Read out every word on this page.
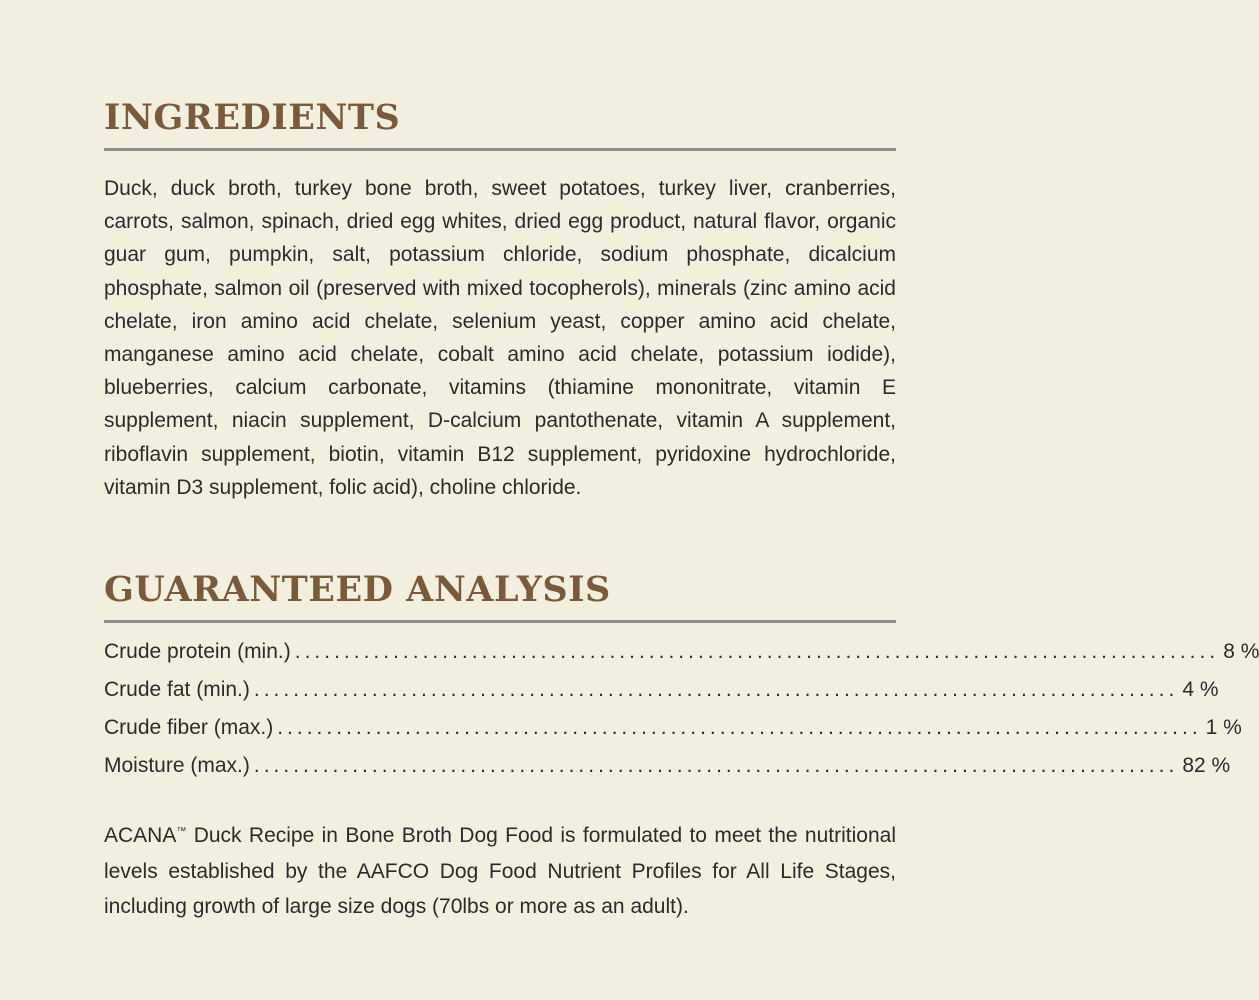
INGREDIENTS

Duck, duck broth, turkey bone broth, sweet potatoes, turkey liver, cranberries, carrots, salmon, spinach, dried egg whites, dried egg product, natural flavor, organic guar gum, pumpkin, salt, potassium chloride, sodium phosphate, dicalcium phosphate, salmon oil (preserved with mixed tocopherols), minerals (zinc amino acid chelate, iron amino acid chelate, selenium yeast, copper amino acid chelate, manganese amino acid chelate, cobalt amino acid chelate, potassium iodide), blueberries, calcium carbonate, vitamins (thiamine mononitrate, vitamin E supplement, niacin supplement, D-calcium pantothenate, vitamin A supplement, riboflavin supplement, biotin, vitamin B12 supplement, pyridoxine hydrochloride, vitamin D3 supplement, folic acid), choline chloride.

GUARANTEED ANALYSIS
Crude protein (min.) .............................................................................................. 8 %
Crude fat (min.) .............................................................................................. 4 %
Crude fiber (max.) .............................................................................................. 1 %
Moisture (max.) .............................................................................................. 82 %

ACANA™ Duck Recipe in Bone Broth Dog Food is formulated to meet the nutritional levels established by the AAFCO Dog Food Nutrient Profiles for All Life Stages, including growth of large size dogs (70lbs or more as an adult).
